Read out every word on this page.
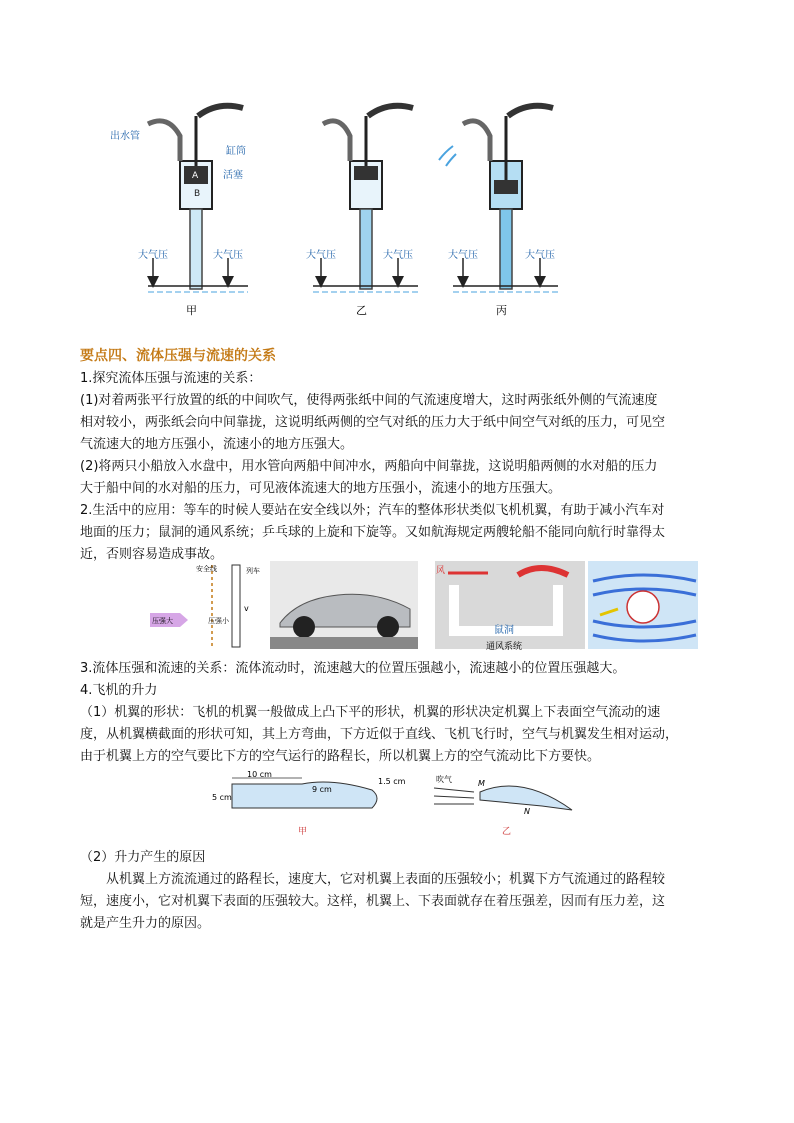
出水管
缸筒
活塞
A
B
大气压	大气压
甲
大气压	大气压
乙
大气压	大气压
丙
要点四、流体压强与流速的关系

1.探究流体压强与流速的关系：

(1)对着两张平行放置的纸的中间吹气，使得两张纸中间的气流速度增大，这时两张纸外侧的气流速度

相对较小，两张纸会向中间靠拢，这说明纸两侧的空气对纸的压力大于纸中间空气对纸的压力，可见空

气流速大的地方压强小，流速小的地方压强大。

(2)将两只小船放入水盘中，用水管向两船中间冲水，两船向中间靠拢，这说明船两侧的水对船的压力

大于船中间的水对船的压力，可见液体流速大的地方压强小，流速小的地方压强大。

2.生活中的应用：等车的时候人要站在安全线以外；汽车的整体形状类似飞机机翼，有助于减小汽车对

地面的压力；鼠洞的通风系统；乒乓球的上旋和下旋等。又如航海规定两艘轮船不能同向航行时靠得太

近，否则容易造成事故。

安全线	列车
压强大	压强小
v
风
鼠洞
通风系统

3.流体压强和流速的关系：流体流动时，流速越大的位置压强越小，流速越小的位置压强越大。

4.飞机的升力

（1）机翼的形状：飞机的机翼一般做成上凸下平的形状，机翼的形状决定机翼上下表面空气流动的速

度，从机翼横截面的形状可知，其上方弯曲，下方近似于直线、飞机飞行时，空气与机翼发生相对运动，

由于机翼上方的空气要比下方的空气运行的路程长，所以机翼上方的空气流动比下方要快。

10 cm
9 cm
5 cm
1.5 cm
甲
吹气	M
N
乙

（2）升力产生的原因

从机翼上方流流通过的路程长，速度大，它对机翼上表面的压强较小；机翼下方气流通过的路程较

短，速度小，它对机翼下表面的压强较大。这样，机翼上、下表面就存在着压强差，因而有压力差，这

就是产生升力的原因。
